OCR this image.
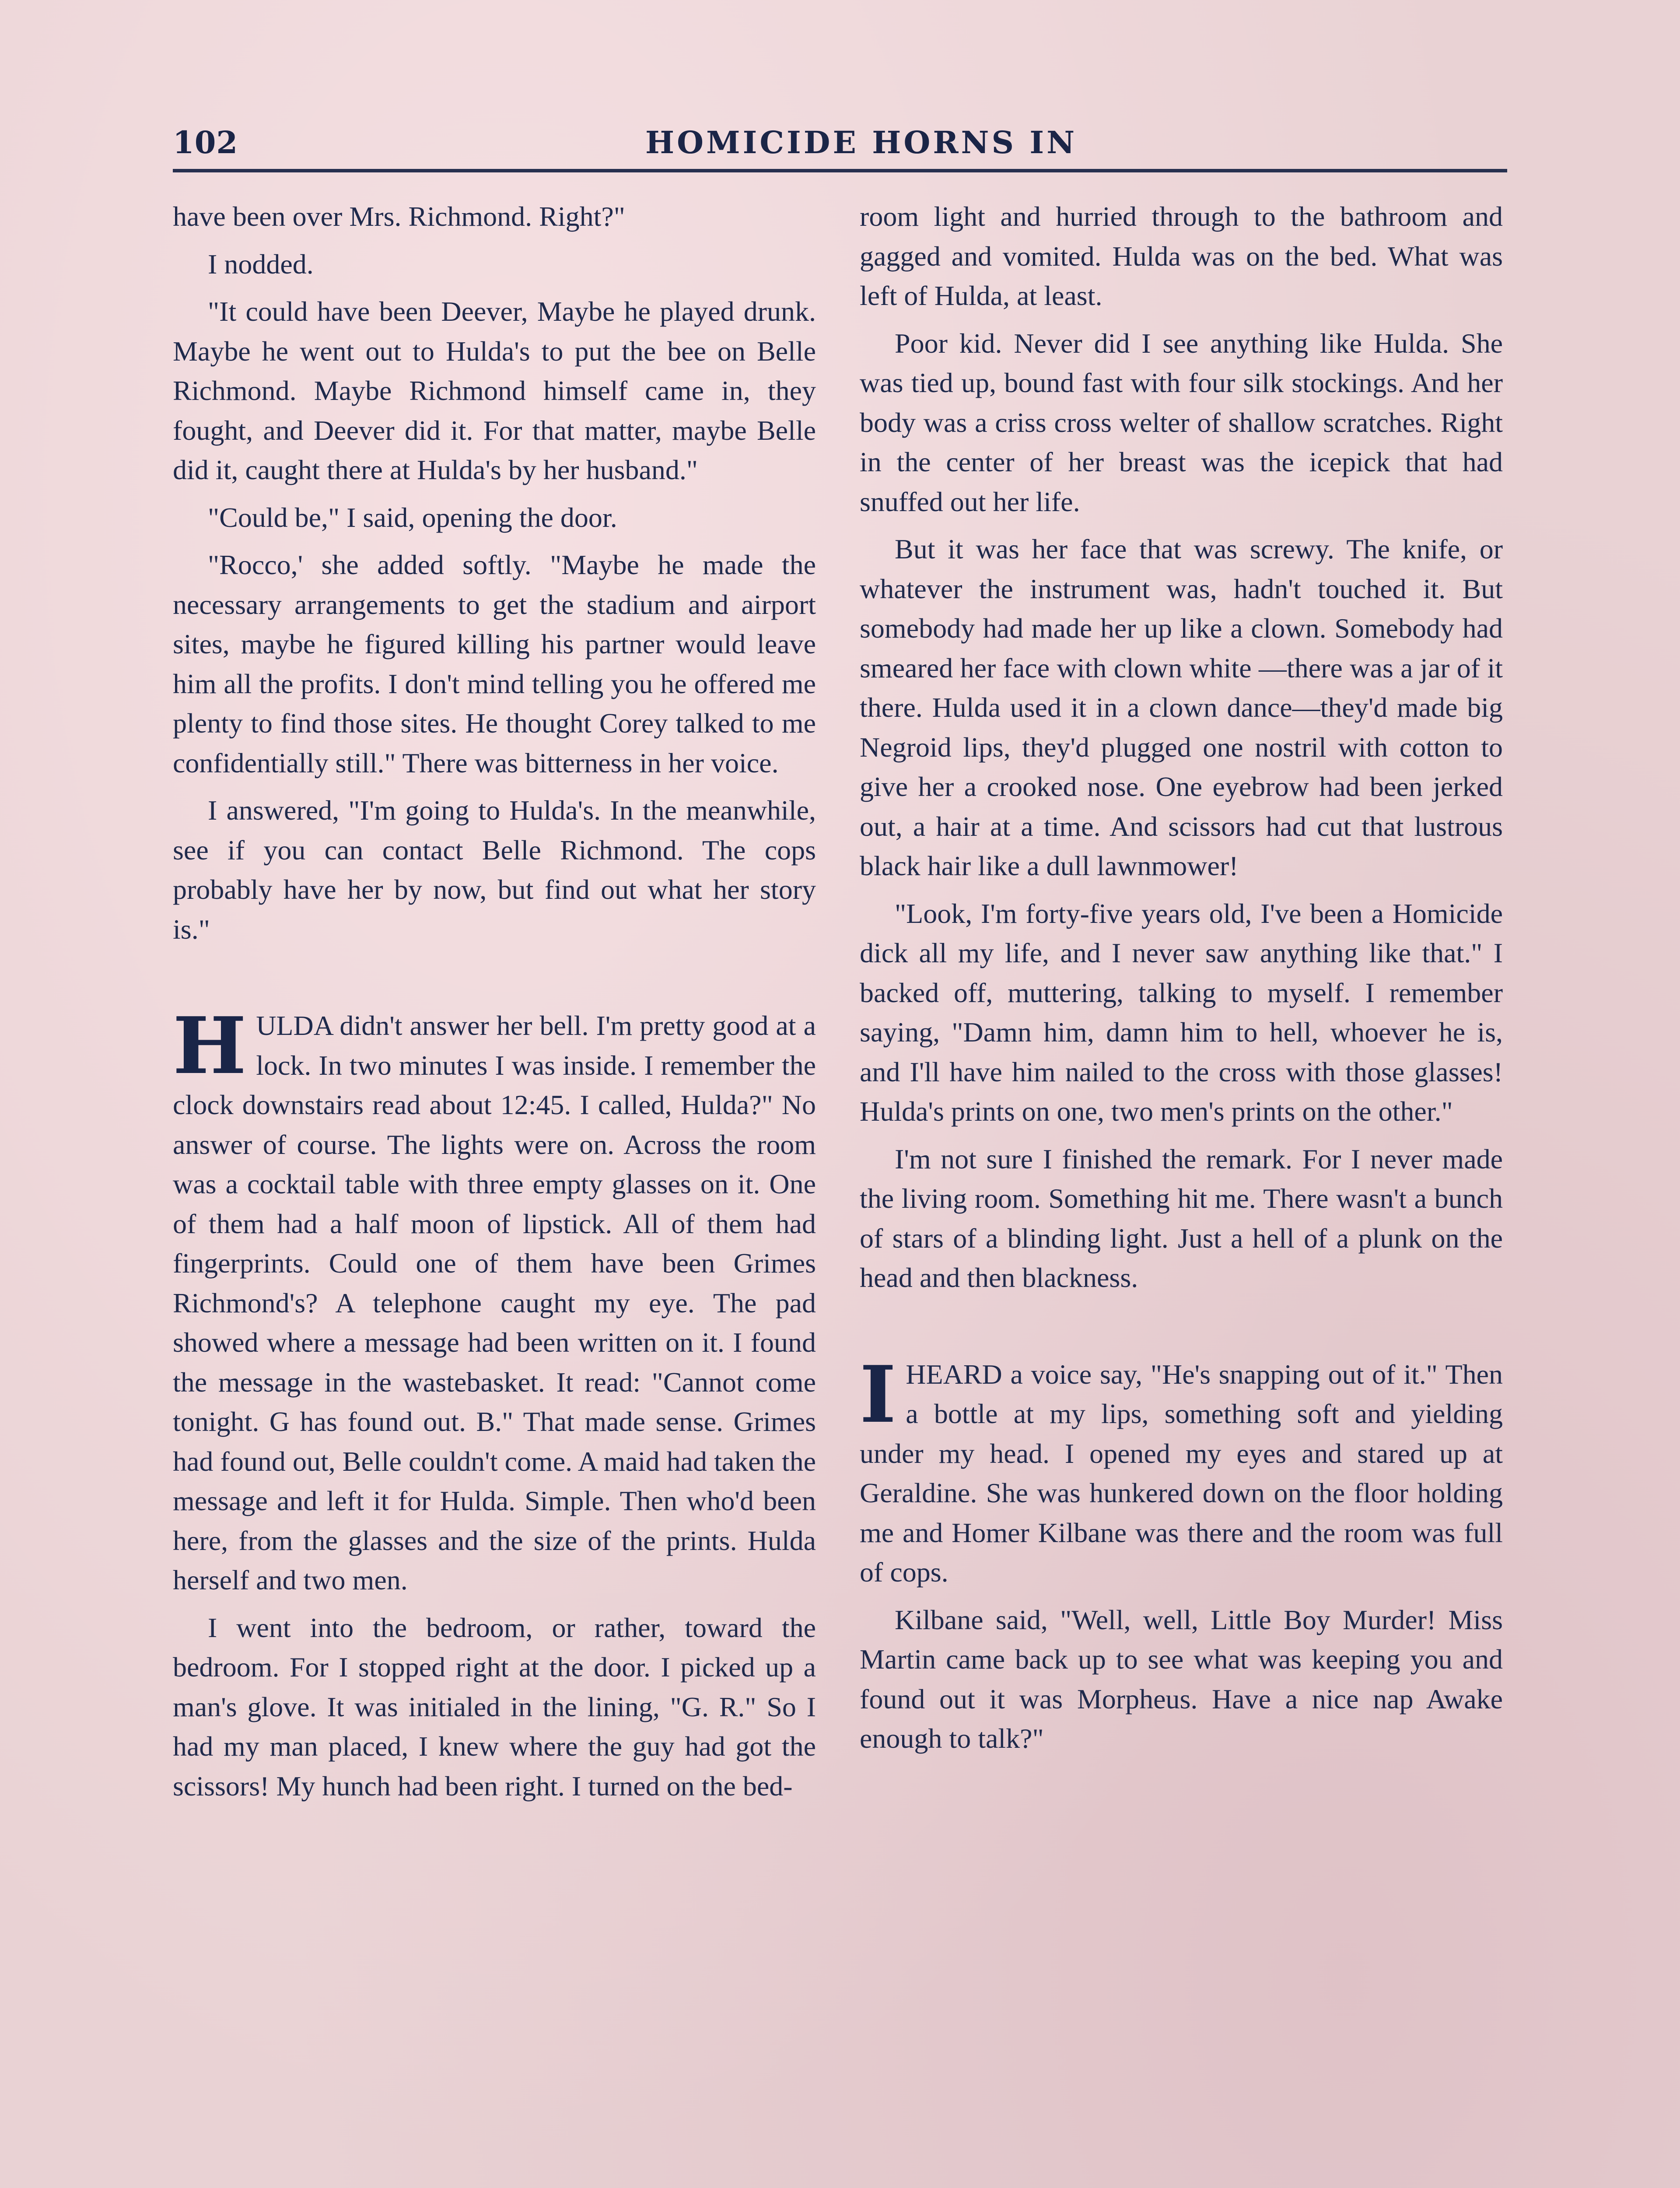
102	HOMICIDE HORNS IN

have been over Mrs. Richmond. Right?"

I nodded.

"It could have been Deever, Maybe he played drunk. Maybe he went out to Hulda's to put the bee on Belle Richmond. Maybe Richmond himself came in, they fought, and Deever did it. For that matter, maybe Belle did it, caught there at Hulda's by her husband."

"Could be," I said, opening the door.

"Rocco,' she added softly. "Maybe he made the necessary arrangements to get the stadium and airport sites, maybe he figured killing his partner would leave him all the profits. I don't mind telling you he offered me plenty to find those sites. He thought Corey talked to me confidentially still." There was bitterness in her voice.

I answered, "I'm going to Hulda's. In the meanwhile, see if you can contact Belle Richmond. The cops probably have her by now, but find out what her story is."

HULDA didn't answer her bell. I'm pretty good at a lock. In two minutes I was inside. I remember the clock downstairs read about 12:45. I called, Hulda?" No answer of course. The lights were on. Across the room was a cocktail table with three empty glasses on it. One of them had a half moon of lipstick. All of them had fingerprints. Could one of them have been Grimes Richmond's? A telephone caught my eye. The pad showed where a message had been written on it. I found the message in the wastebasket. It read: "Cannot come tonight. G has found out. B." That made sense. Grimes had found out, Belle couldn't come. A maid had taken the message and left it for Hulda. Simple. Then who'd been here, from the glasses and the size of the prints. Hulda herself and two men.

I went into the bedroom, or rather, toward the bedroom. For I stopped right at the door. I picked up a man's glove. It was initialed in the lining, "G. R." So I had my man placed, I knew where the guy had got the scissors! My hunch had been right. I turned on the bed-

room light and hurried through to the bathroom and gagged and vomited. Hulda was on the bed. What was left of Hulda, at least.

Poor kid. Never did I see anything like Hulda. She was tied up, bound fast with four silk stockings. And her body was a criss cross welter of shallow scratches. Right in the center of her breast was the icepick that had snuffed out her life.

But it was her face that was screwy. The knife, or whatever the instrument was, hadn't touched it. But somebody had made her up like a clown. Somebody had smeared her face with clown white —there was a jar of it there. Hulda used it in a clown dance—they'd made big Negroid lips, they'd plugged one nostril with cotton to give her a crooked nose. One eyebrow had been jerked out, a hair at a time. And scissors had cut that lustrous black hair like a dull lawnmower!

"Look, I'm forty-five years old, I've been a Homicide dick all my life, and I never saw anything like that." I backed off, muttering, talking to myself. I remember saying, "Damn him, damn him to hell, whoever he is, and I'll have him nailed to the cross with those glasses! Hulda's prints on one, two men's prints on the other."

I'm not sure I finished the remark. For I never made the living room. Something hit me. There wasn't a bunch of stars of a blinding light. Just a hell of a plunk on the head and then blackness.

IHEARD a voice say, "He's snapping out of it." Then a bottle at my lips, something soft and yielding under my head. I opened my eyes and stared up at Geraldine. She was hunkered down on the floor holding me and Homer Kilbane was there and the room was full of cops.

Kilbane said, "Well, well, Little Boy Murder! Miss Martin came back up to see what was keeping you and found out it was Morpheus. Have a nice nap Awake enough to talk?"
